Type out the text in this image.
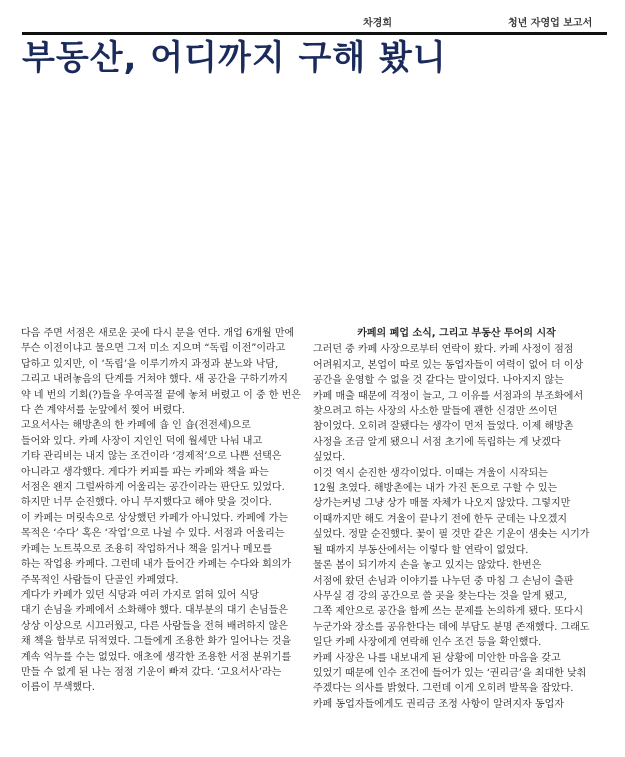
차경희	청년 자영업 보고서
부동산, 어디까지 구해 봤니
다음 주면 서점은 새로운 곳에 다시 문을 연다. 개업 6개월 만에
무슨 이전이냐고 물으면 그저 미소 지으며 “독립 이전”이라고
답하고 있지만, 이 ‘독립’을 이루기까지 과정과 분노와 낙담,
그리고 내려놓음의 단계를 거쳐야 했다. 새 공간을 구하기까지
약 네 번의 기회(?)들을 우여곡절 끝에 놓쳐 버렸고 이 중 한 번은
다 쓴 계약서를 눈앞에서 찢어 버렸다.
고요서사는 해방촌의 한 카페에 숍 인 숍(전전세)으로
들어와 있다. 카페 사장이 지인인 덕에 월세만 나눠 내고
기타 관리비는 내지 않는 조건이라 ‘경제적’으로 나쁜 선택은
아니라고 생각했다. 게다가 커피를 파는 카페와 책을 파는
서점은 왠지 그럴싸하게 어울리는 공간이라는 판단도 있었다.
하지만 너무 순진했다. 아니 무지했다고 해야 맞을 것이다.
이 카페는 머릿속으로 상상했던 카페가 아니었다. 카페에 가는
목적은 ‘수다’ 혹은 ‘작업’으로 나뉠 수 있다. 서점과 어울리는
카페는 노트북으로 조용히 작업하거나 책을 읽거나 메모를
하는 작업용 카페다. 그런데 내가 들어간 카페는 수다와 회의가
주목적인 사람들이 단골인 카페였다.
게다가 카페가 있던 식당과 여러 가지로 얽혀 있어 식당
대기 손님을 카페에서 소화해야 했다. 대부분의 대기 손님들은
상상 이상으로 시끄러웠고, 다른 사람들을 전혀 배려하지 않은
채 책을 함부로 뒤적였다. 그들에게 조용한 화가 일어나는 것을
계속 억누를 수는 없었다. 애초에 생각한 조용한 서점 분위기를
만들 수 없게 된 나는 점점 기운이 빠져 갔다. ‘고요서사’라는
이름이 무색했다.
카페의 폐업 소식, 그리고 부동산 투어의 시작
그러던 중 카페 사장으로부터 연락이 왔다. 카페 사정이 점점
어려워지고, 본업이 따로 있는 동업자들이 여력이 없어 더 이상
공간을 운영할 수 없을 것 같다는 말이었다. 나아지지 않는
카페 매출 때문에 걱정이 늘고, 그 이유를 서점과의 부조화에서
찾으려고 하는 사장의 사소한 말들에 괜한 신경만 쓰이던
참이었다. 오히려 잘됐다는 생각이 먼저 들었다. 이제 해방촌
사정을 조금 알게 됐으니 서점 초기에 독립하는 게 낫겠다
싶었다.
이것 역시 순진한 생각이었다. 이때는 겨울이 시작되는
12월 초였다. 해방촌에는 내가 가진 돈으로 구할 수 있는
상가는커녕 그냥 상가 매물 자체가 나오지 않았다. 그렇지만
이때까지만 해도 겨울이 끝나기 전에 한두 군데는 나오겠지
싶었다. 정말 순진했다. 꽃이 필 것만 같은 기운이 샘솟는 시기가
될 때까지 부동산에서는 이렇다 할 연락이 없었다.
물론 봄이 되기까지 손을 놓고 있지는 않았다. 한번은
서점에 왔던 손님과 이야기를 나누던 중 마침 그 손님이 출판
사무실 겸 강의 공간으로 쓸 곳을 찾는다는 것을 알게 됐고,
그쪽 제안으로 공간을 함께 쓰는 문제를 논의하게 됐다. 또다시
누군가와 장소를 공유한다는 데에 부담도 분명 존재했다. 그래도
일단 카페 사장에게 연락해 인수 조건 등을 확인했다.
카페 사장은 나를 내보내게 된 상황에 미안한 마음을 갖고
있었기 때문에 인수 조건에 들어가 있는 ‘권리금’을 최대한 낮춰
주겠다는 의사를 밝혔다. 그런데 이게 오히려 발목을 잡았다.
카페 동업자들에게도 권리금 조정 사항이 알려지자 동업자
